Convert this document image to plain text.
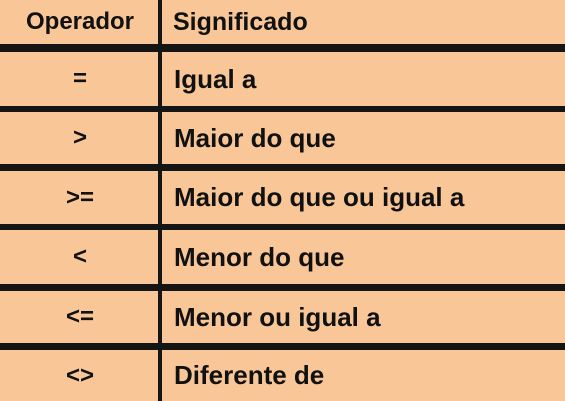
Operador	Significado
=	Igual a
>	Maior do que
>=	Maior do que ou igual a
<	Menor do que
<=	Menor ou igual a
<>	Diferente de
